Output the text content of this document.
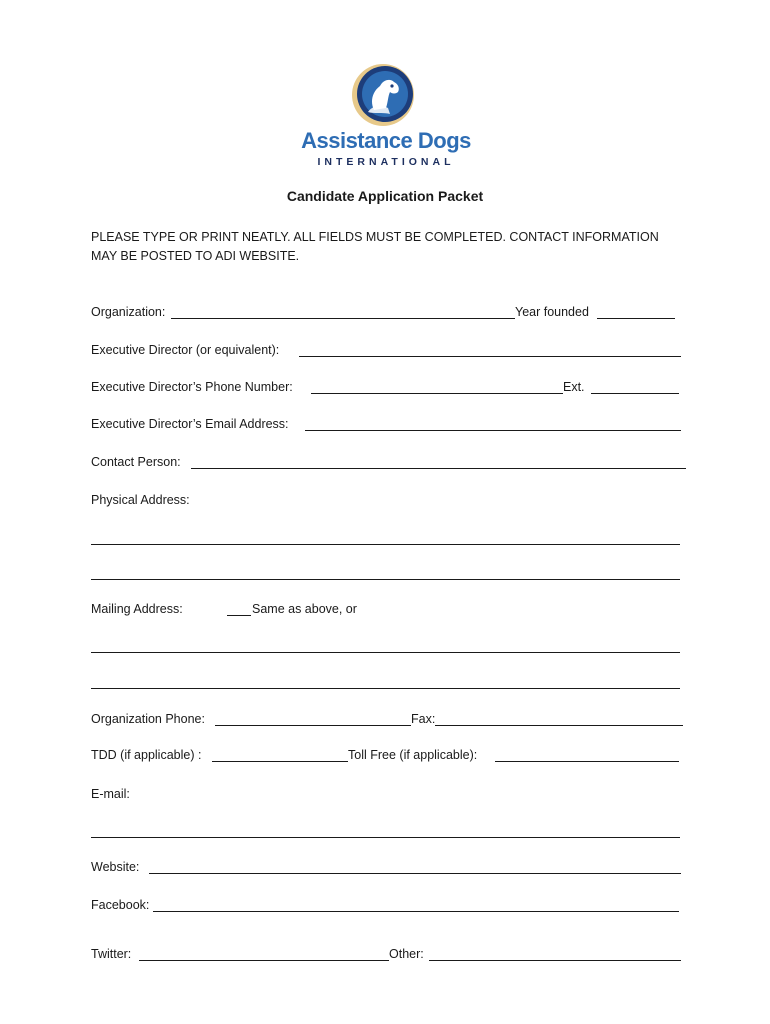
Assistance Dogs
INTERNATIONAL
Candidate Application Packet
PLEASE TYPE OR PRINT NEATLY. ALL FIELDS MUST BE COMPLETED. CONTACT INFORMATION MAY BE POSTED TO ADI WEBSITE.
Organization:	Year founded
Executive Director (or equivalent):
Executive Director’s Phone Number:	Ext.
Executive Director’s Email Address:
Contact Person:
Physical Address:
Mailing Address:	Same as above, or
Organization Phone:	Fax:
TDD (if applicable) :	Toll Free (if applicable):
E-mail:
Website:
Facebook:
Twitter:	Other:
